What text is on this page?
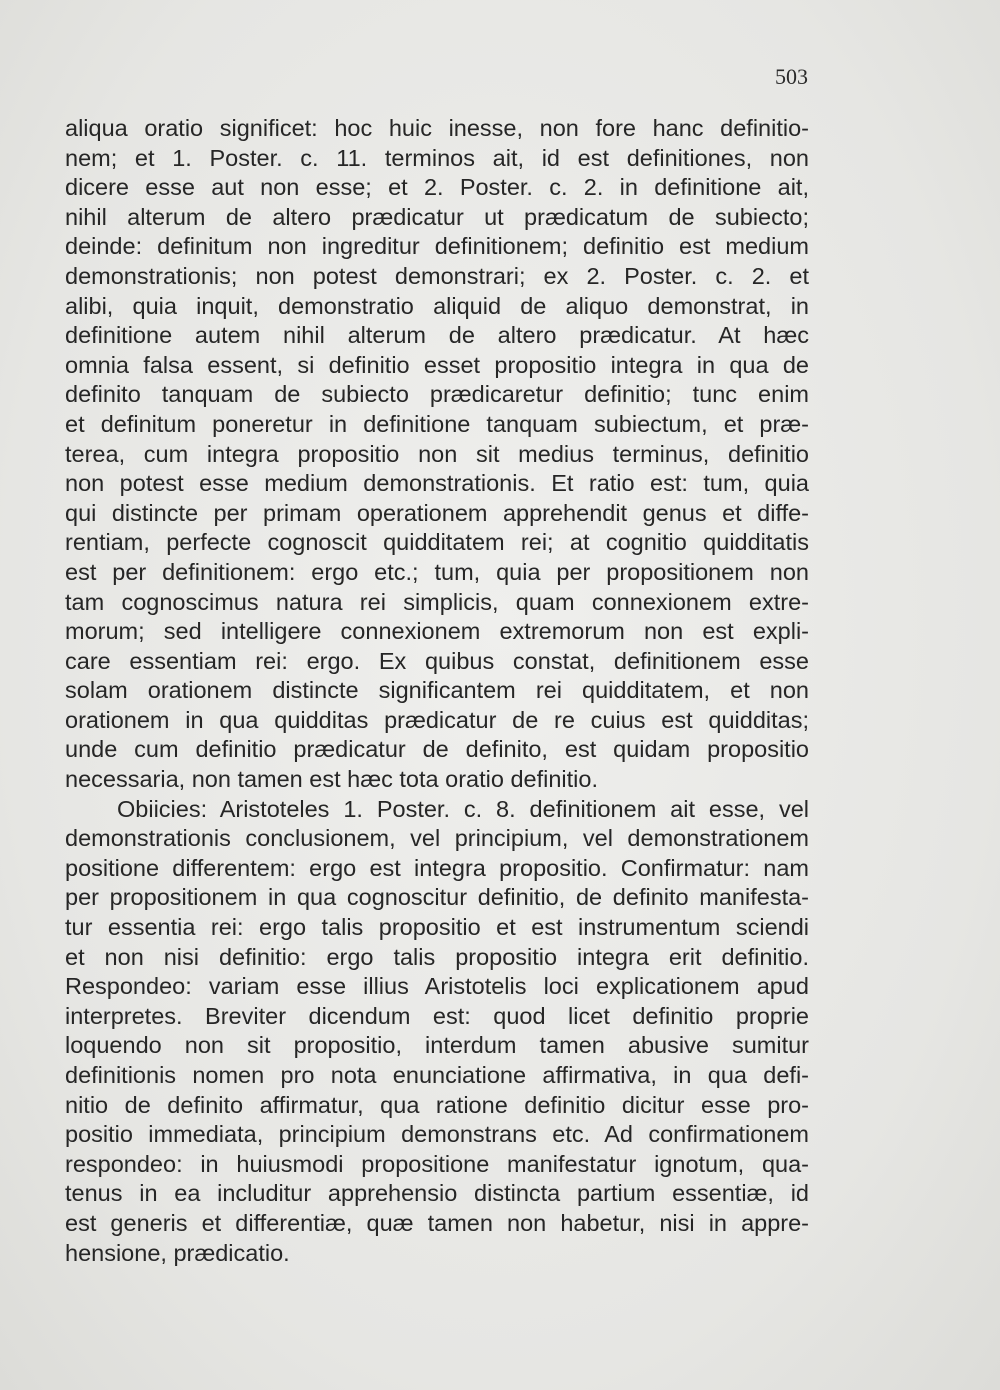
503
aliqua oratio significet: hoc huic inesse, non fore hanc definitio-
nem; et 1. Poster. c. 11. terminos ait, id est definitiones, non
dicere esse aut non esse; et 2. Poster. c. 2. in definitione ait,
nihil alterum de altero prædicatur ut prædicatum de subiecto;
deinde: definitum non ingreditur definitionem; definitio est medium
demonstrationis; non potest demonstrari; ex 2. Poster. c. 2. et
alibi, quia inquit, demonstratio aliquid de aliquo demonstrat, in
definitione autem nihil alterum de altero prædicatur. At hæc
omnia falsa essent, si definitio esset propositio integra in qua de
definito tanquam de subiecto prædicaretur definitio; tunc enim
et definitum poneretur in definitione tanquam subiectum, et præ-
terea, cum integra propositio non sit medius terminus, definitio
non potest esse medium demonstrationis. Et ratio est: tum, quia
qui distincte per primam operationem apprehendit genus et diffe-
rentiam, perfecte cognoscit quidditatem rei; at cognitio quidditatis
est per definitionem: ergo etc.; tum, quia per propositionem non
tam cognoscimus natura rei simplicis, quam connexionem extre-
morum; sed intelligere connexionem extremorum non est expli-
care essentiam rei: ergo. Ex quibus constat, definitionem esse
solam orationem distincte significantem rei quidditatem, et non
orationem in qua quidditas prædicatur de re cuius est quidditas;
unde cum definitio prædicatur de definito, est quidam propositio
necessaria, non tamen est hæc tota oratio definitio.
Obiicies: Aristoteles 1. Poster. c. 8. definitionem ait esse, vel
demonstrationis conclusionem, vel principium, vel demonstrationem
positione differentem: ergo est integra propositio. Confirmatur: nam
per propositionem in qua cognoscitur definitio, de definito manifesta-
tur essentia rei: ergo talis propositio et est instrumentum sciendi
et non nisi definitio: ergo talis propositio integra erit definitio.
Respondeo: variam esse illius Aristotelis loci explicationem apud
interpretes. Breviter dicendum est: quod licet definitio proprie
loquendo non sit propositio, interdum tamen abusive sumitur
definitionis nomen pro nota enunciatione affirmativa, in qua defi-
nitio de definito affirmatur, qua ratione definitio dicitur esse pro-
positio immediata, principium demonstrans etc. Ad confirmationem
respondeo: in huiusmodi propositione manifestatur ignotum, qua-
tenus in ea includitur apprehensio distincta partium essentiæ, id
est generis et differentiæ, quæ tamen non habetur, nisi in appre-
hensione, prædicatio.
